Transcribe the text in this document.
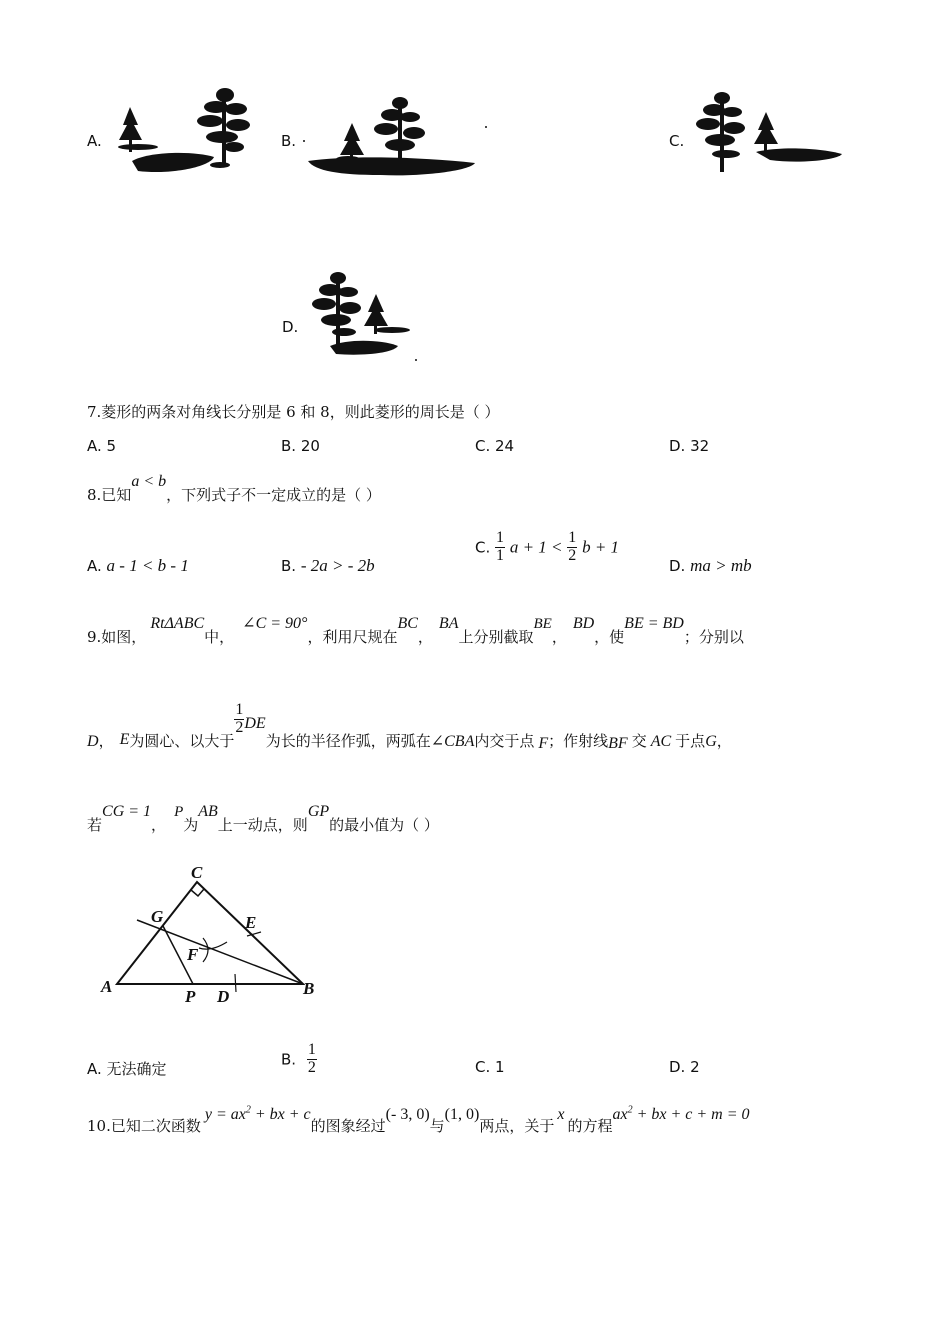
A.	B.	C.
D.
7.菱形的两条对角线长分别是 6 和 8，则此菱形的周长是（ ）
A. 5	B. 20	C. 24	D. 32
8.已知a < b，下列式子不一定成立的是（ ）
A. a - 1 < b - 1	B. - 2a > - 2b
C. $\frac{1}{1}$ $a + 1 < \frac{1}{2}$ b + 1
D. ma > mb
9.如图，RtΔABC中，∠C = 90°，利用尺规在BC，BA上分别截取BE，BD，使BE = BD；分别以
D， E为圆心、以大于
$\frac{1}{2}$ DE为长的半径作弧，两弧在∠CBA内交于点 F；作射线BF 交 AC 于点G，
若CG = 1，P为AB上一动点，则GP的最小值为（ ）
C
G	E
F
A
P D	B
A. 无法确定
B. $\frac{1}{2}$	C. 1	D. 2
10.已知二次函数$y = ax^2$ + bx + c的图象经过(- 3, 0)与(1, 0)两点，关于x的方程$ax^2$ + bx + c + m = 0
